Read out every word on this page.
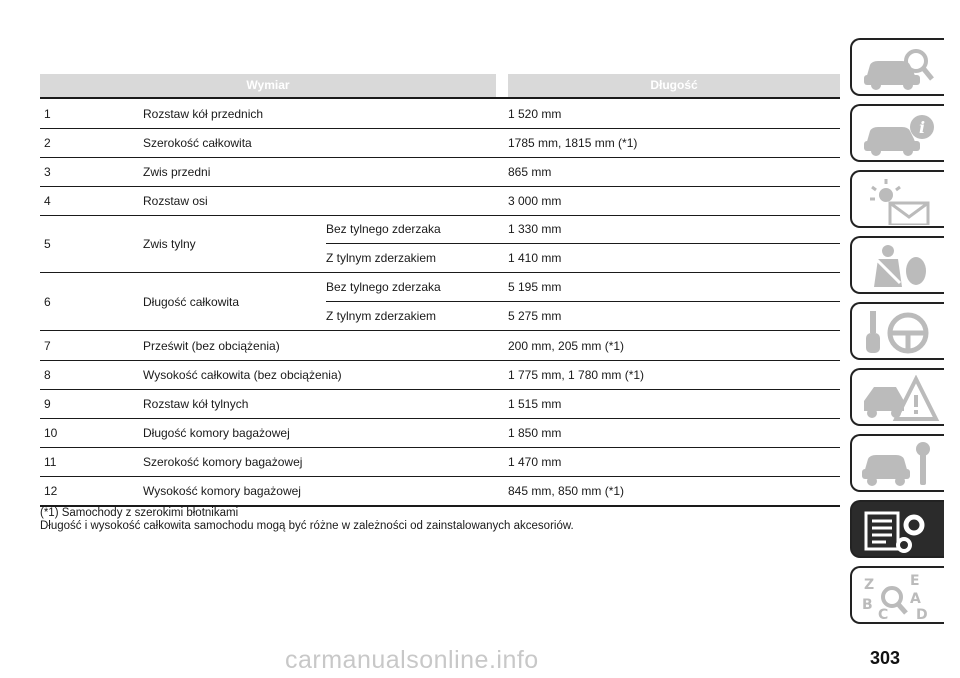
Wymiar	Długość
1	Rozstaw kół przednich	1 520 mm
2	Szerokość całkowita	1785 mm, 1815 mm (*1)
3	Zwis przedni	865 mm
4	Rozstaw osi	3 000 mm
5	Zwis tylny
Bez tylnego zderzaka	1 330 mm
Z tylnym zderzakiem	1 410 mm
6	Długość całkowita
Bez tylnego zderzaka	5 195 mm
Z tylnym zderzakiem	5 275 mm
7	Prześwit (bez obciążenia)	200 mm, 205 mm (*1)
8	Wysokość całkowita (bez obciążenia)	1 775 mm, 1 780 mm (*1)
9	Rozstaw kół tylnych	1 515 mm
10	Długość komory bagażowej	1 850 mm
11	Szerokość komory bagażowej	1 470 mm
12	Wysokość komory bagażowej	845 mm, 850 mm (*1)
(*1) Samochody z szerokimi błotnikami
Długość i wysokość całkowita samochodu mogą być różne w zależności od zainstalowanych akcesoriów.
i
Z	E
A
B
D
C
carmanualsonline.info	303
